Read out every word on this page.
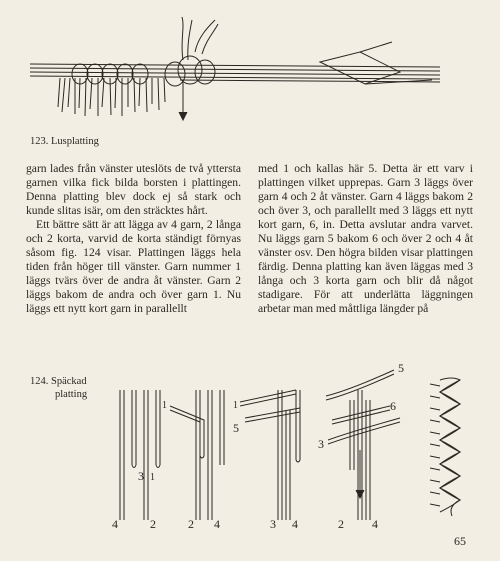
123. Lusplatting

garn lades från vänster uteslöts de två yttersta garnen vilka fick bilda borsten i plattingen. Denna platting blev dock ej så stark och kunde slitas isär, om den sträcktes hårt.

Ett bättre sätt är att lägga av 4 garn, 2 långa och 2 korta, varvid de korta ständigt förnyas såsom fig. 124 visar. Plattingen läggs hela tiden från höger till vänster. Garn nummer 1 läggs tvärs över de andra åt vänster. Garn 2 läggs bakom de andra och över garn 1. Nu läggs ett nytt kort garn in parallellt

med 1 och kallas här 5. Detta är ett varv i plattingen vilket upprepas. Garn 3 läggs över garn 4 och 2 åt vänster. Garn 4 läggs bakom 2 och över 3, och parallellt med 3 läggs ett nytt kort garn, 6, in. Detta avslutar andra varvet. Nu läggs garn 5 bakom 6 och över 2 och 4 åt vänster osv. Den högra bilden visar plattingen färdig. Denna platting kan även läggas med 3 långa och 3 korta garn och blir då något stadigare. För att underlätta läggningen arbetar man med måttliga längder på

124. Späckad
platting
3 1
4	2
1
2 4
1
5
3 4
5
6
3
2 4
65
